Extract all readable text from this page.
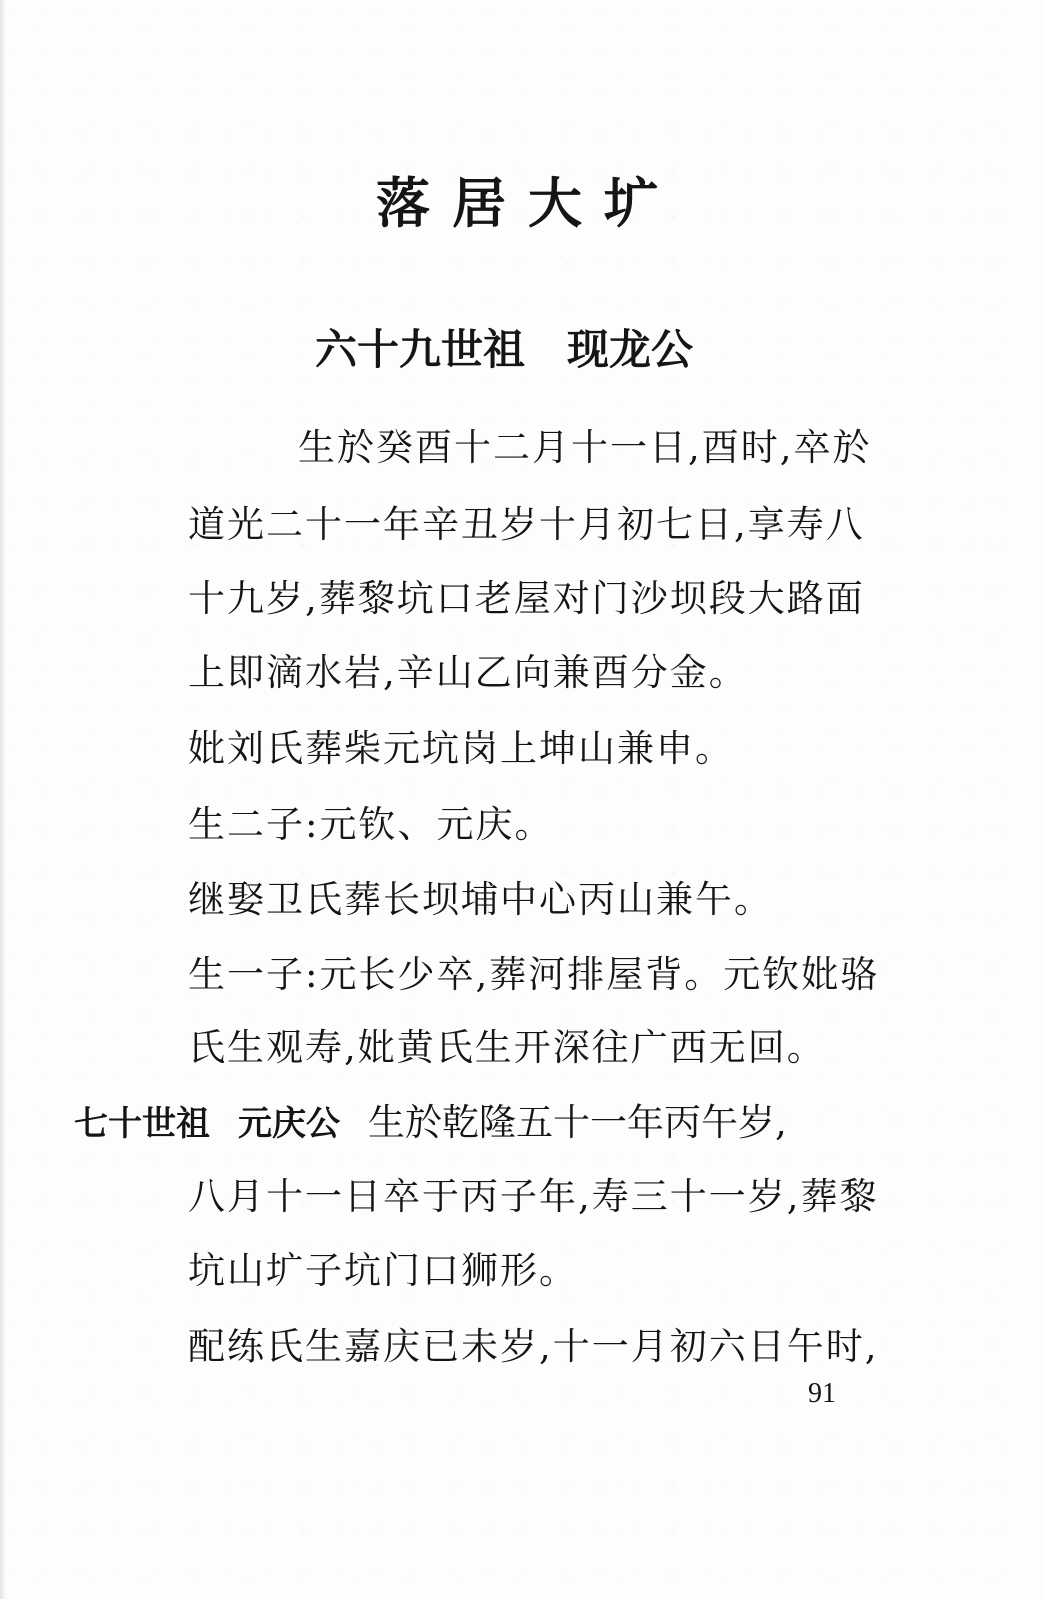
落居大圹
六十九世祖　现龙公
生於癸酉十二月十一日,酉时,卒於
道光二十一年辛丑岁十月初七日,享寿八
十九岁,葬黎坑口老屋对门沙坝段大路面
上即滴水岩,辛山乙向兼酉分金。
妣刘氏葬柴元坑岗上坤山兼申。
生二子:元钦、元庆。
继娶卫氏葬长坝埔中心丙山兼午。
生一子:元长少卒,葬河排屋背。元钦妣骆
氏生观寿,妣黄氏生开深往广西无回。
七十世祖 元庆公 生於乾隆五十一年丙午岁,
八月十一日卒于丙子年,寿三十一岁,葬黎
坑山圹子坑门口狮形。
配练氏生嘉庆已未岁,十一月初六日午时,
91
